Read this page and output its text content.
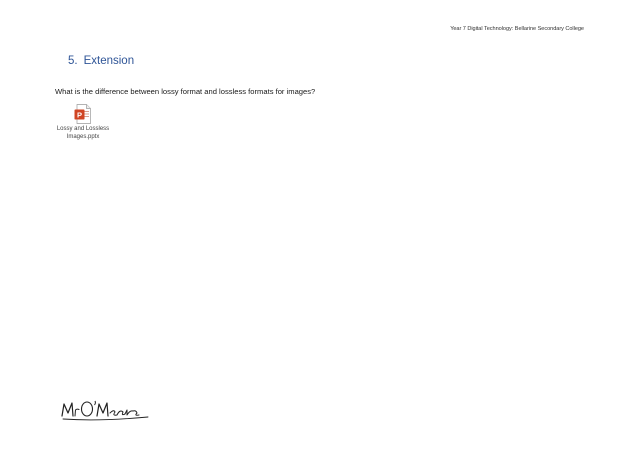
Year 7 Digital Technology: Bellarine Secondary College
5. Extension
What is the difference between lossy format and lossless formats for images?
P
Lossy and Lossless
Images.pptx
